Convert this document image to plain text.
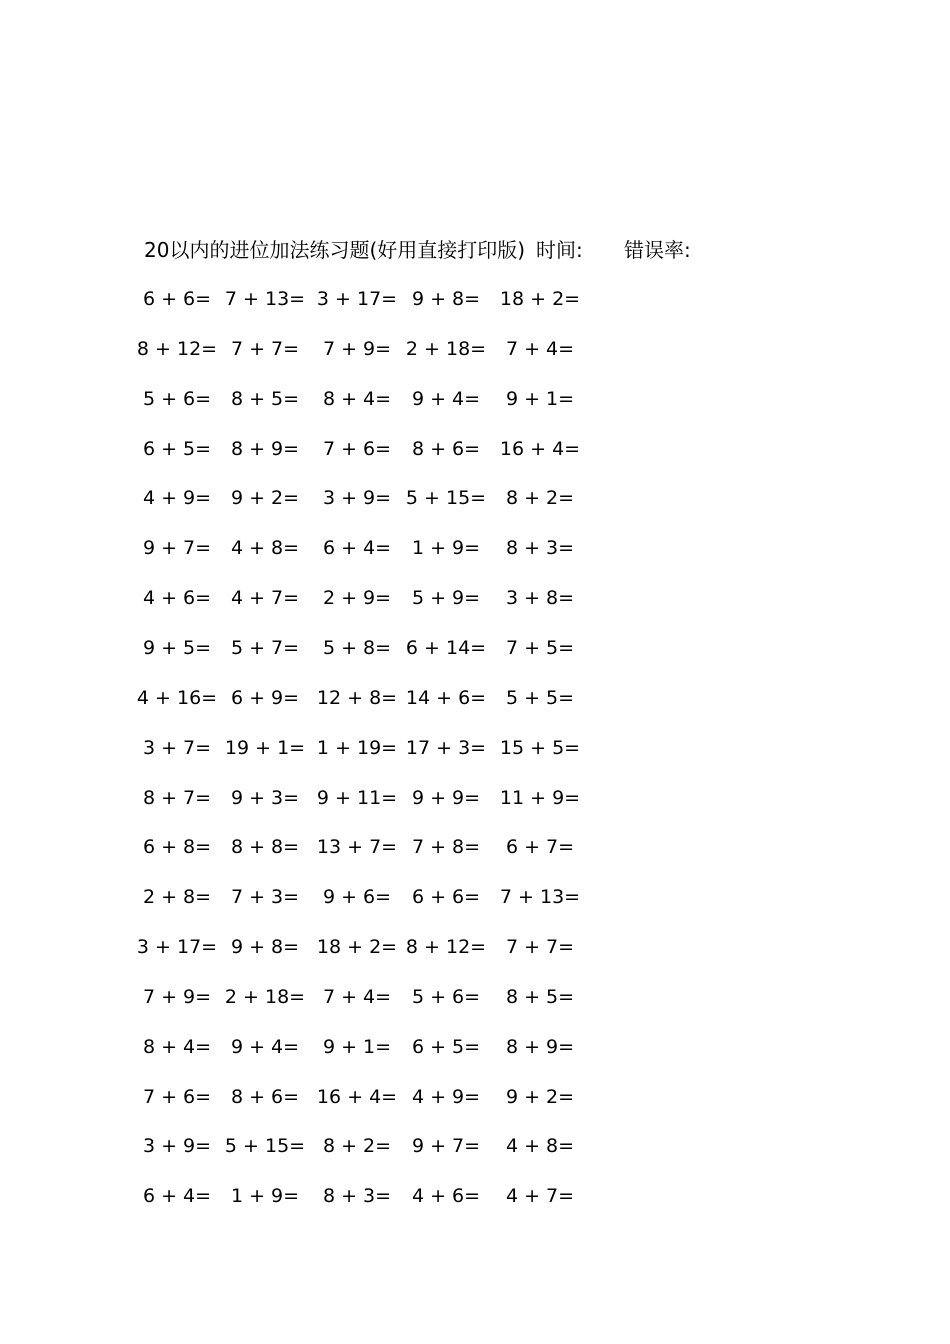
20以内的进位加法练习题(好用直接打印版) 时间: 错误率:
6 + 6= 7 + 13= 3 + 17= 9 + 8=	18 + 2=
8 + 12= 7 + 7=	7 + 9= 2 + 18=	7 + 4=
5 + 6=	8 + 5=	8 + 4=	9 + 4=	9 + 1=
6 + 5=	8 + 9=	7 + 6=	8 + 6=	16 + 4=
4 + 9=	9 + 2=	3 + 9= 5 + 15=	8 + 2=
9 + 7=	4 + 8=	6 + 4=	1 + 9=	8 + 3=
4 + 6=	4 + 7=	2 + 9=	5 + 9=	3 + 8=
9 + 5=	5 + 7=	5 + 8= 6 + 14=	7 + 5=
4 + 16= 6 + 9= 12 + 8= 14 + 6=	5 + 5=
3 + 7= 19 + 1= 1 + 19= 17 + 3= 15 + 5=
8 + 7=	9 + 3= 9 + 11= 9 + 9=	11 + 9=
6 + 8=	8 + 8= 13 + 7= 7 + 8=	6 + 7=
2 + 8=	7 + 3=	9 + 6=	6 + 6=	7 + 13=
3 + 17= 9 + 8= 18 + 2= 8 + 12=	7 + 7=
7 + 9= 2 + 18= 7 + 4=	5 + 6=	8 + 5=
8 + 4=	9 + 4=	9 + 1=	6 + 5=	8 + 9=
7 + 6=	8 + 6= 16 + 4= 4 + 9=	9 + 2=
3 + 9= 5 + 15= 8 + 2=	9 + 7=	4 + 8=
6 + 4=	1 + 9=	8 + 3=	4 + 6=	4 + 7=
